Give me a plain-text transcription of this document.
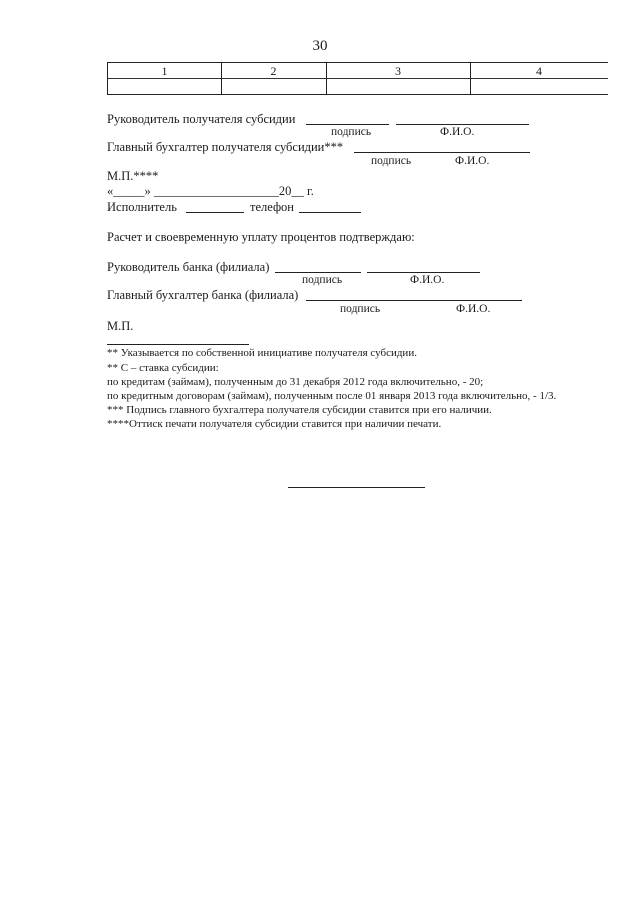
30
1	2	3	4
Руководитель получателя субсидии
подпись	Ф.И.О.
Главный бухгалтер получателя субсидии***
подпись	Ф.И.О.
М.П.****
«_____» ____________________20__ г.
Исполнитель	телефон
Расчет и своевременную уплату процентов подтверждаю:
Руководитель банка (филиала)
подпись	Ф.И.О.
Главный бухгалтер банка (филиала)
подпись	Ф.И.О.
М.П.
** Указывается по собственной инициативе получателя субсидии.
** С – ставка субсидии:
по кредитам (займам), полученным до 31 декабря 2012 года включительно, - 20;
по кредитным договорам (займам), полученным после 01 января 2013 года включительно, - 1/3.
*** Подпись главного бухгалтера получателя субсидии ставится при его наличии.
****Оттиск печати получателя субсидии ставится при наличии печати.
